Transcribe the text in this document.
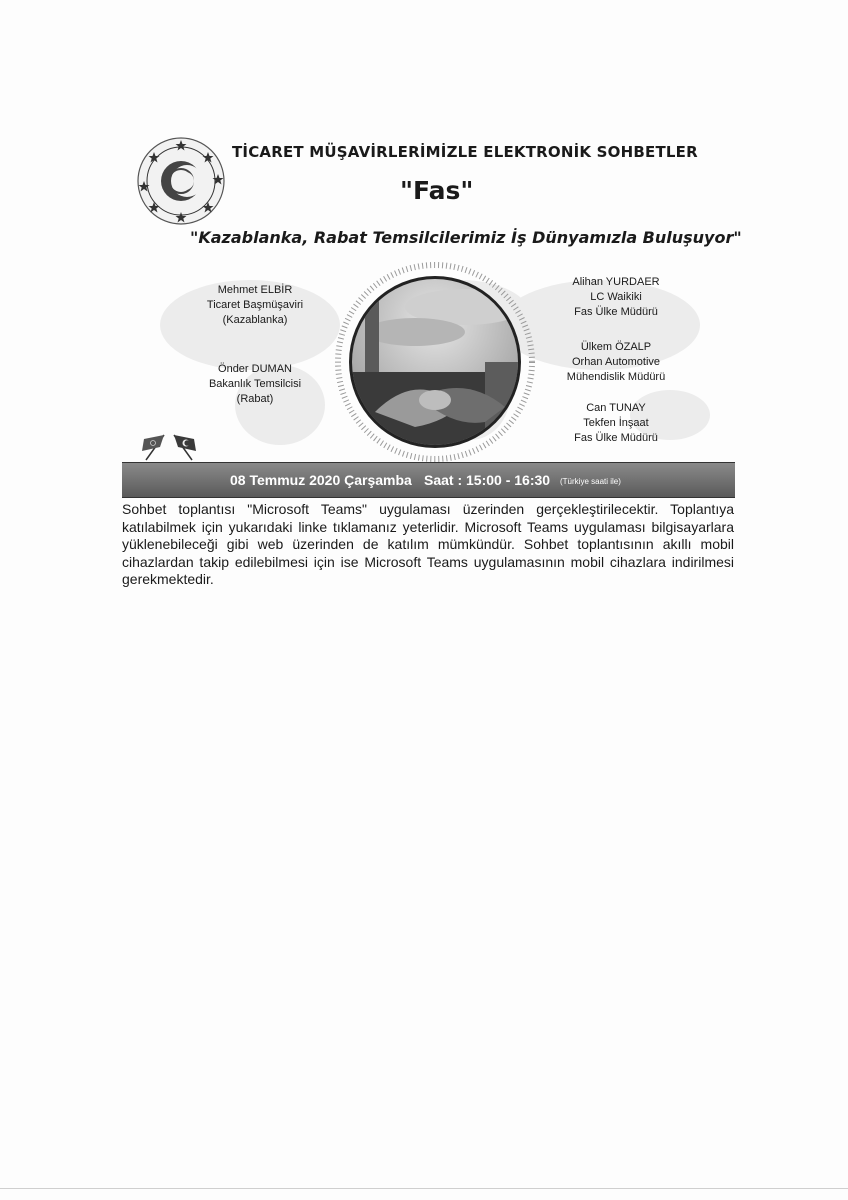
TİCARET MÜŞAVİRLERİMİZLE ELEKTRONİK SOHBETLER
"Fas"
"Kazablanka, Rabat Temsilcilerimiz İş Dünyamızla Buluşuyor"
Mehmet ELBİR
Ticaret Başmüşaviri
(Kazablanka)
Önder DUMAN
Bakanlık Temsilcisi
(Rabat)
Alihan YURDAER
LC Waikiki
Fas Ülke Müdürü
Ülkem ÖZALP
Orhan Automotive
Mühendislik Müdürü
Can TUNAY
Tekfen İnşaat
Fas Ülke Müdürü
08 Temmuz 2020 Çarşamba Saat : 15:00 - 16:30 (Türkiye saati ile)
Sohbet toplantısı "Microsoft Teams" uygulaması üzerinden gerçekleştirilecektir. Toplantıya katılabilmek için yukarıdaki linke tıklamanız yeterlidir. Microsoft Teams uygulaması bilgisayarlara yüklenebileceği gibi web üzerinden de katılım mümkündür. Sohbet toplantısının akıllı mobil cihazlardan takip edilebilmesi için ise Microsoft Teams uygulamasının mobil cihazlara indirilmesi gerekmektedir.
